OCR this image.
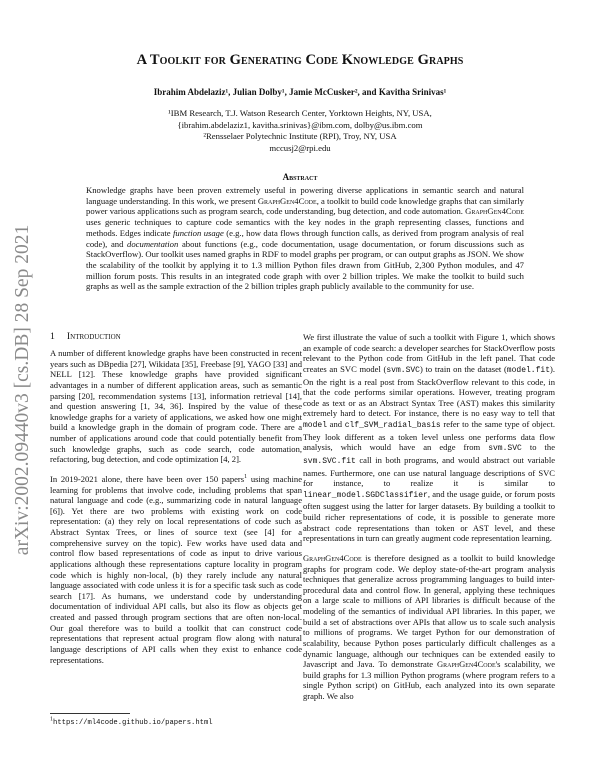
arXiv:2002.09440v3 [cs.DB] 28 Sep 2021
A Toolkit for Generating Code Knowledge Graphs
Ibrahim Abdelaziz¹, Julian Dolby¹, Jamie McCusker², and Kavitha Srinivas¹
¹IBM Research, T.J. Watson Research Center, Yorktown Heights, NY, USA,
{ibrahim.abdelaziz1, kavitha.srinivas}@ibm.com, dolby@us.ibm.com
²Rensselaer Polytechnic Institute (RPI), Troy, NY, USA
mccusj2@rpi.edu
Abstract
Knowledge graphs have been proven extremely useful in powering diverse applications in semantic search and natural language understanding. In this work, we present GraphGen4Code, a toolkit to build code knowledge graphs that can similarly power various applications such as program search, code understanding, bug detection, and code automation. GraphGen4Code uses generic techniques to capture code semantics with the key nodes in the graph representing classes, functions and methods. Edges indicate function usage (e.g., how data flows through function calls, as derived from program analysis of real code), and documentation about functions (e.g., code documentation, usage documentation, or forum discussions such as StackOverflow). Our toolkit uses named graphs in RDF to model graphs per program, or can output graphs as JSON. We show the scalability of the toolkit by applying it to 1.3 million Python files drawn from GitHub, 2,300 Python modules, and 47 million forum posts. This results in an integrated code graph with over 2 billion triples. We make the toolkit to build such graphs as well as the sample extraction of the 2 billion triples graph publicly available to the community for use.
1 Introduction

A number of different knowledge graphs have been constructed in recent years such as DBpedia [27], Wikidata [35], Freebase [9], YAGO [33] and NELL [12]. These knowledge graphs have provided significant advantages in a number of different application areas, such as semantic parsing [20], recommendation systems [13], information retrieval [14], and question answering [1, 34, 36]. Inspired by the value of these knowledge graphs for a variety of applications, we asked how one might build a knowledge graph in the domain of program code. There are a number of applications around code that could potentially benefit from such knowledge graphs, such as code search, code automation, refactoring, bug detection, and code optimization [4, 2].

In 2019-2021 alone, there have been over 150 papers$^1$ using machine learning for problems that involve code, including problems that span natural language and code (e.g., summarizing code in natural language [6]). Yet there are two problems with existing work on code representation: (a) they rely on local representations of code such as Abstract Syntax Trees, or lines of source text (see [4] for a comprehensive survey on the topic). Few works have used data and control flow based representations of code as input to drive various applications although these representations capture locality in program code which is highly non-local, (b) they rarely include any natural language associated with code unless it is for a specific task such as code search [17]. As humans, we understand code by understanding documentation of individual API calls, but also its flow as objects get created and passed through program sections that are often non-local. Our goal therefore was to build a toolkit that can construct code representations that represent actual program flow along with natural language descriptions of API calls when they exist to enhance code representations.

We first illustrate the value of such a toolkit with Figure 1, which shows an example of code search: a developer searches for StackOverflow posts relevant to the Python code from GitHub in the left panel. That code creates an SVC model (svm.SVC) to train on the dataset (model.fit). On the right is a real post from StackOverflow relevant to this code, in that the code performs similar operations. However, treating program code as text or as an Abstract Syntax Tree (AST) makes this similarity extremely hard to detect. For instance, there is no easy way to tell that model and clf_SVM_radial_basis refer to the same type of object. They look different as a token level unless one performs data flow analysis, which would have an edge from svm.SVC to the svm.SVC.fit call in both programs, and would abstract out variable names. Furthermore, one can use natural language descriptions of SVC for instance, to realize it is similar to linear_model.SGDClassifier, and the usage guide, or forum posts often suggest using the latter for larger datasets. By building a toolkit to build richer representations of code, it is possible to generate more abstract code representations than token or AST level, and these representations in turn can greatly augment code representation learning.

GraphGen4Code is therefore designed as a toolkit to build knowledge graphs for program code. We deploy state-of-the-art program analysis techniques that generalize across programming languages to build inter-procedural data and control flow. In general, applying these techniques on a large scale to millions of API libraries is difficult because of the modeling of the semantics of individual API libraries. In this paper, we build a set of abstractions over APIs that allow us to scale such analysis to millions of programs. We target Python for our demonstration of scalability, because Python poses particularly difficult challenges as a dynamic language, although our techniques can be extended easily to Javascript and Java. To demonstrate GraphGen4Code's scalability, we build graphs for 1.3 million Python programs (where program refers to a single Python script) on GitHub, each analyzed into its own separate graph. We also

$^1$https://ml4code.github.io/papers.html
